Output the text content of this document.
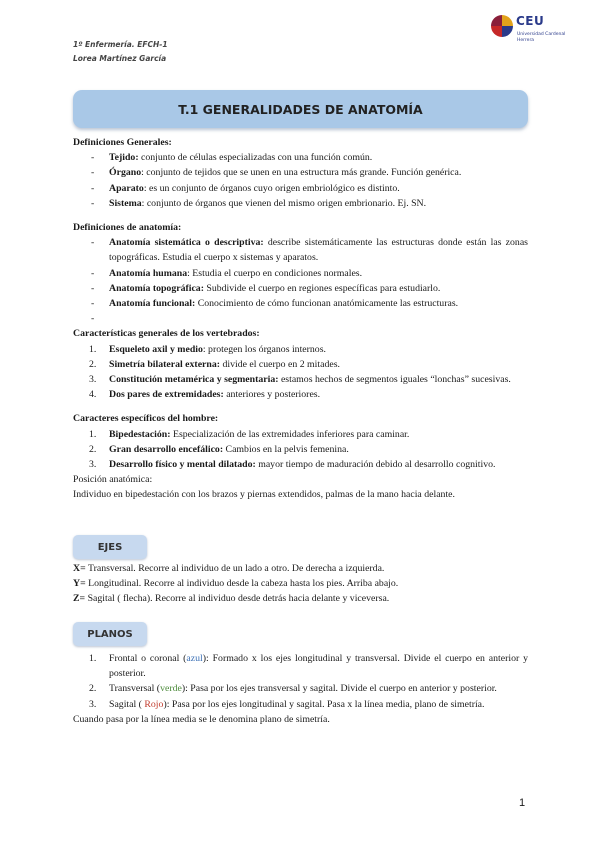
1º Enfermería. EFCH-1
Lorea Martínez García
CEU
Universidad Cardenal Herrera
T.1 GENERALIDADES DE ANATOMÍA

Definiciones Generales:

- Tejido: conjunto de células especializadas con una función común.
- Órgano: conjunto de tejidos que se unen en una estructura más grande. Función genérica.
- Aparato: es un conjunto de órganos cuyo origen embriológico es distinto.
- Sistema: conjunto de órganos que vienen del mismo origen embrionario. Ej. SN.

Definiciones de anatomía:

- Anatomía sistemática o descriptiva: describe sistemáticamente las estructuras donde están las zonas topográficas. Estudia el cuerpo x sistemas y aparatos.
- Anatomía humana: Estudia el cuerpo en condiciones normales.
- Anatomía topográfica: Subdivide el cuerpo en regiones específicas para estudiarlo.
- Anatomía funcional: Conocimiento de cómo funcionan anatómicamente las estructuras.
-

Características generales de los vertebrados:

1. Esqueleto axil y medio: protegen los órganos internos.
2. Simetría bilateral externa: divide el cuerpo en 2 mitades.
3. Constitución metamérica y segmentaria: estamos hechos de segmentos iguales “lonchas” sucesivas.
4. Dos pares de extremidades: anteriores y posteriores.

Caracteres específicos del hombre:

1. Bipedestación: Especialización de las extremidades inferiores para caminar.
2. Gran desarrollo encefálico: Cambios en la pelvis femenina.
3. Desarrollo físico y mental dilatado: mayor tiempo de maduración debido al desarrollo cognitivo.

Posición anatómica:

Individuo en bipedestación con los brazos y piernas extendidos, palmas de la mano hacia delante.

EJES

X= Transversal. Recorre al individuo de un lado a otro. De derecha a izquierda.

Y= Longitudinal. Recorre al individuo desde la cabeza hasta los pies. Arriba abajo.

Z= Sagital ( flecha). Recorre al individuo desde detrás hacia delante y viceversa.

PLANOS
1. Frontal o coronal (azul): Formado x los ejes longitudinal y transversal. Divide el cuerpo en anterior y posterior.
2. Transversal (verde): Pasa por los ejes transversal y sagital. Divide el cuerpo en anterior y posterior.
3. Sagital ( Rojo): Pasa por los ejes longitudinal y sagital. Pasa x la línea media, plano de simetría.

Cuando pasa por la línea media se le denomina plano de simetría.

1
